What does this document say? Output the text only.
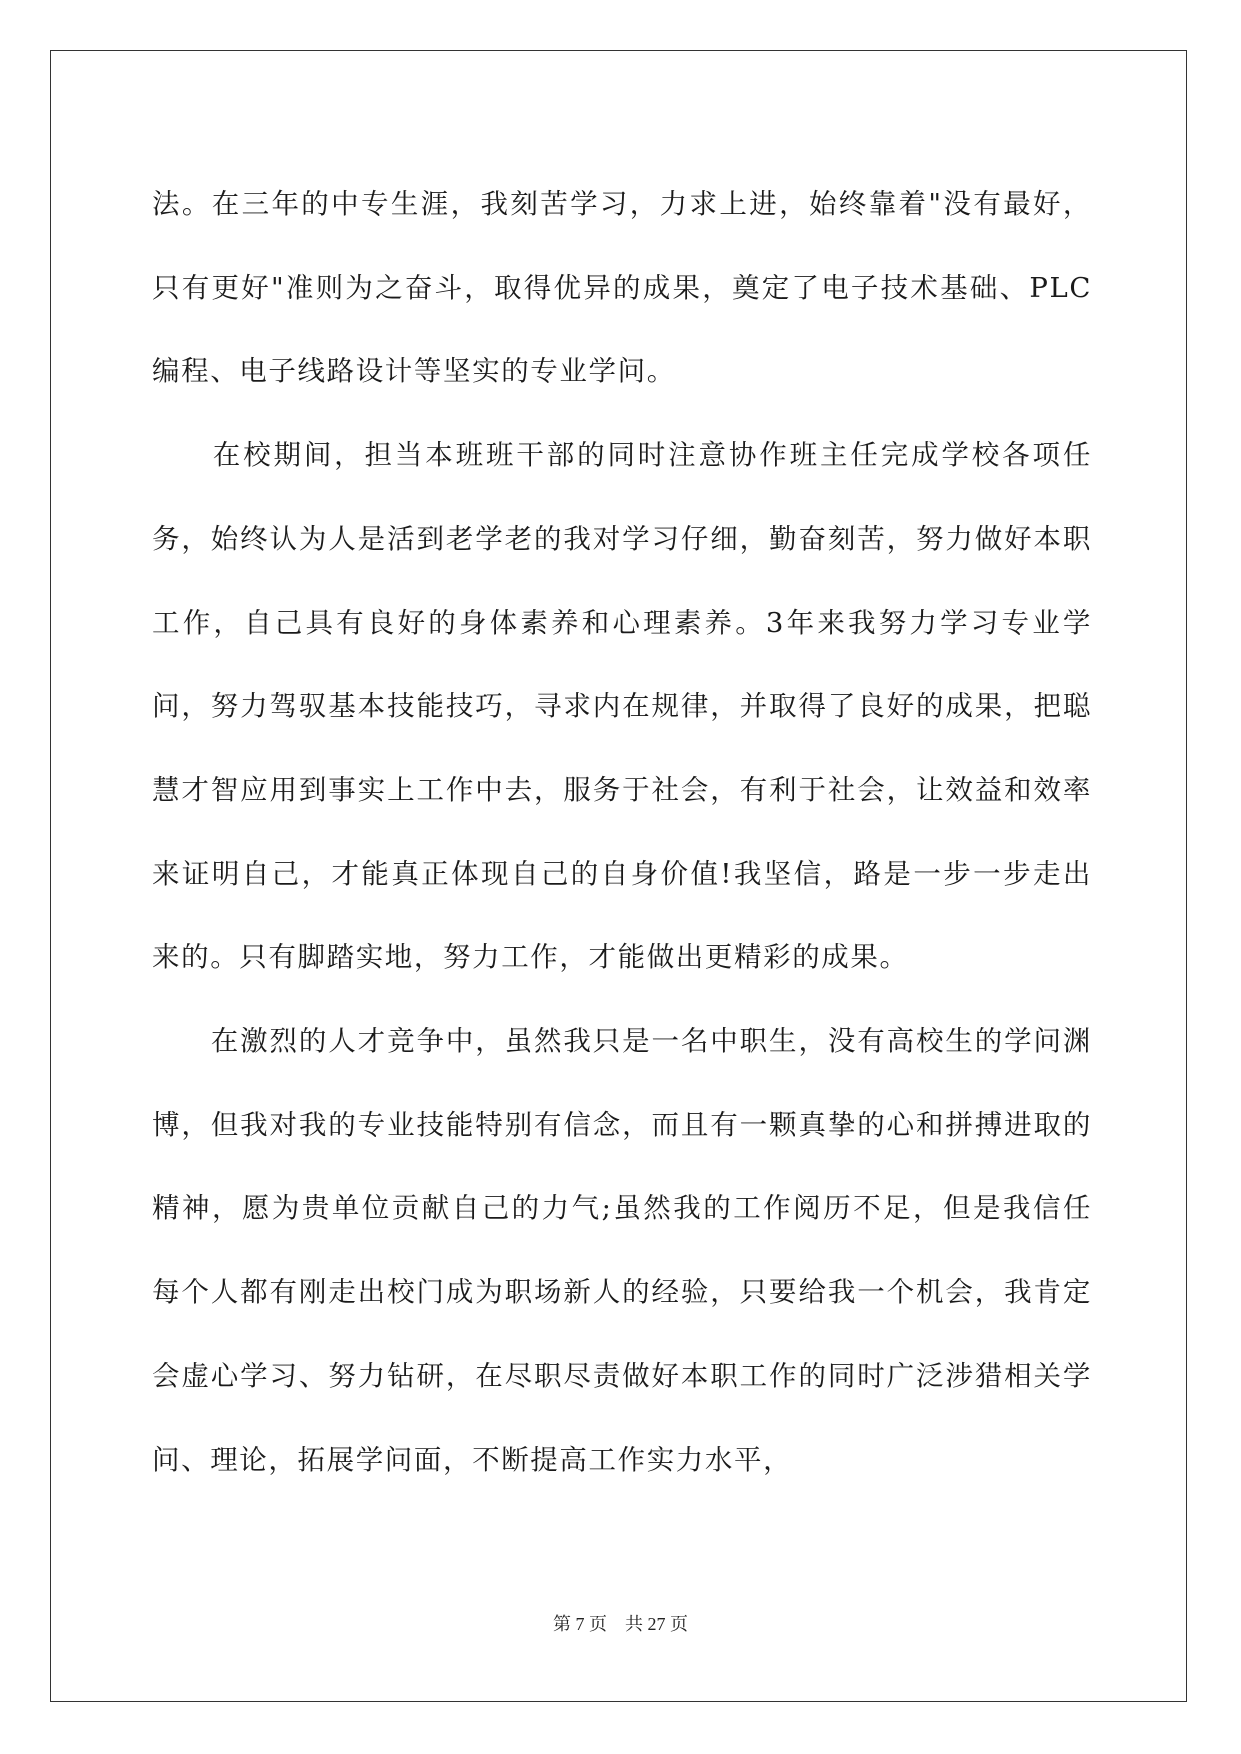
法。在三年的中专生涯，我刻苦学习，力求上进，始终靠着"没有最好，只有更好"准则为之奋斗，取得优异的成果，奠定了电子技术基础、PLC编程、电子线路设计等坚实的专业学问。

　　在校期间，担当本班班干部的同时注意协作班主任完成学校各项任务，始终认为人是活到老学老的我对学习仔细，勤奋刻苦，努力做好本职工作，自己具有良好的身体素养和心理素养。3年来我努力学习专业学问，努力驾驭基本技能技巧，寻求内在规律，并取得了良好的成果，把聪慧才智应用到事实上工作中去，服务于社会，有利于社会，让效益和效率来证明自己，才能真正体现自己的自身价值!我坚信，路是一步一步走出来的。只有脚踏实地，努力工作，才能做出更精彩的成果。

　　在激烈的人才竞争中，虽然我只是一名中职生，没有高校生的学问渊博，但我对我的专业技能特别有信念，而且有一颗真挚的心和拼搏进取的精神，愿为贵单位贡献自己的力气;虽然我的工作阅历不足，但是我信任每个人都有刚走出校门成为职场新人的经验，只要给我一个机会，我肯定会虚心学习、努力钻研，在尽职尽责做好本职工作的同时广泛涉猎相关学问、理论，拓展学问面，不断提高工作实力水平，

第 7 页　共 27 页
